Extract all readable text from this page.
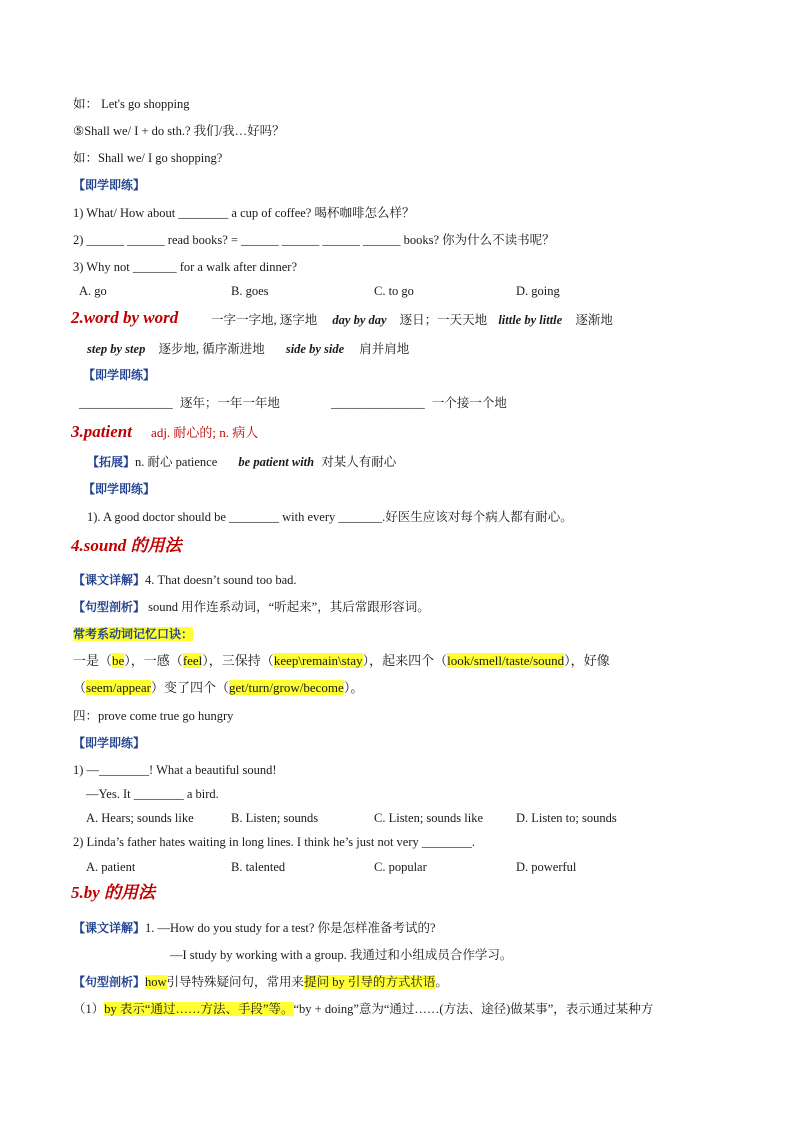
如： Let's go shopping
⑤Shall we/ I + do sth.? 我们/我…好吗？
如：Shall we/ I go shopping?
【即学即练】
1) What/ How about ________ a cup of coffee? 喝杯咖啡怎么样？
2) ______ ______ read books? = ______ ______ ______ ______ books? 你为什么不读书呢？
3) Why not _______ for a walk after dinner?
A. go	B. goes	C. to go	D. going
2.word by word	一字一字地, 逐字地 day by day 逐日；一天天地 little by little 逐渐地
step by step 逐步地, 循序渐进地 side by side 肩并肩地
【即学即练】
_______________ 逐年；一年一年地	_______________ 一个接一个地
3.patient adj. 耐心的; n. 病人
【拓展】n. 耐心 patience be patient with 对某人有耐心
【即学即练】
1). A good doctor should be ________ with every _______.好医生应该对每个病人都有耐心。
4.sound 的用法
【课文详解】4. That doesn’t sound too bad.
【句型剖析】 sound 用作连系动词，“听起来”，其后常跟形容词。
常考系动词记忆口诀：
一是（be），一感（feel），三保持（keep\remain\stay），起来四个（look/smell/taste/sound），好像
（seem/appear）变了四个（get/turn/grow/become）。
四：prove come true go hungry
【即学即练】
1) —________! What a beautiful sound!
—Yes. It ________ a bird.
A. Hears; sounds like	B. Listen; sounds	C. Listen; sounds like	D. Listen to; sounds
2) Linda’s father hates waiting in long lines. I think he’s just not very ________.
A. patient	B. talented	C. popular	D. powerful
5.by 的用法
【课文详解】1. —How do you study for a test? 你是怎样准备考试的?
—I study by working with a group. 我通过和小组成员合作学习。
【句型剖析】how引导特殊疑问句，常用来提问 by 引导的方式状语。
（1）by 表示“通过……方法、手段”等。“by + doing”意为“通过……(方法、途径)做某事”，表示通过某种方
